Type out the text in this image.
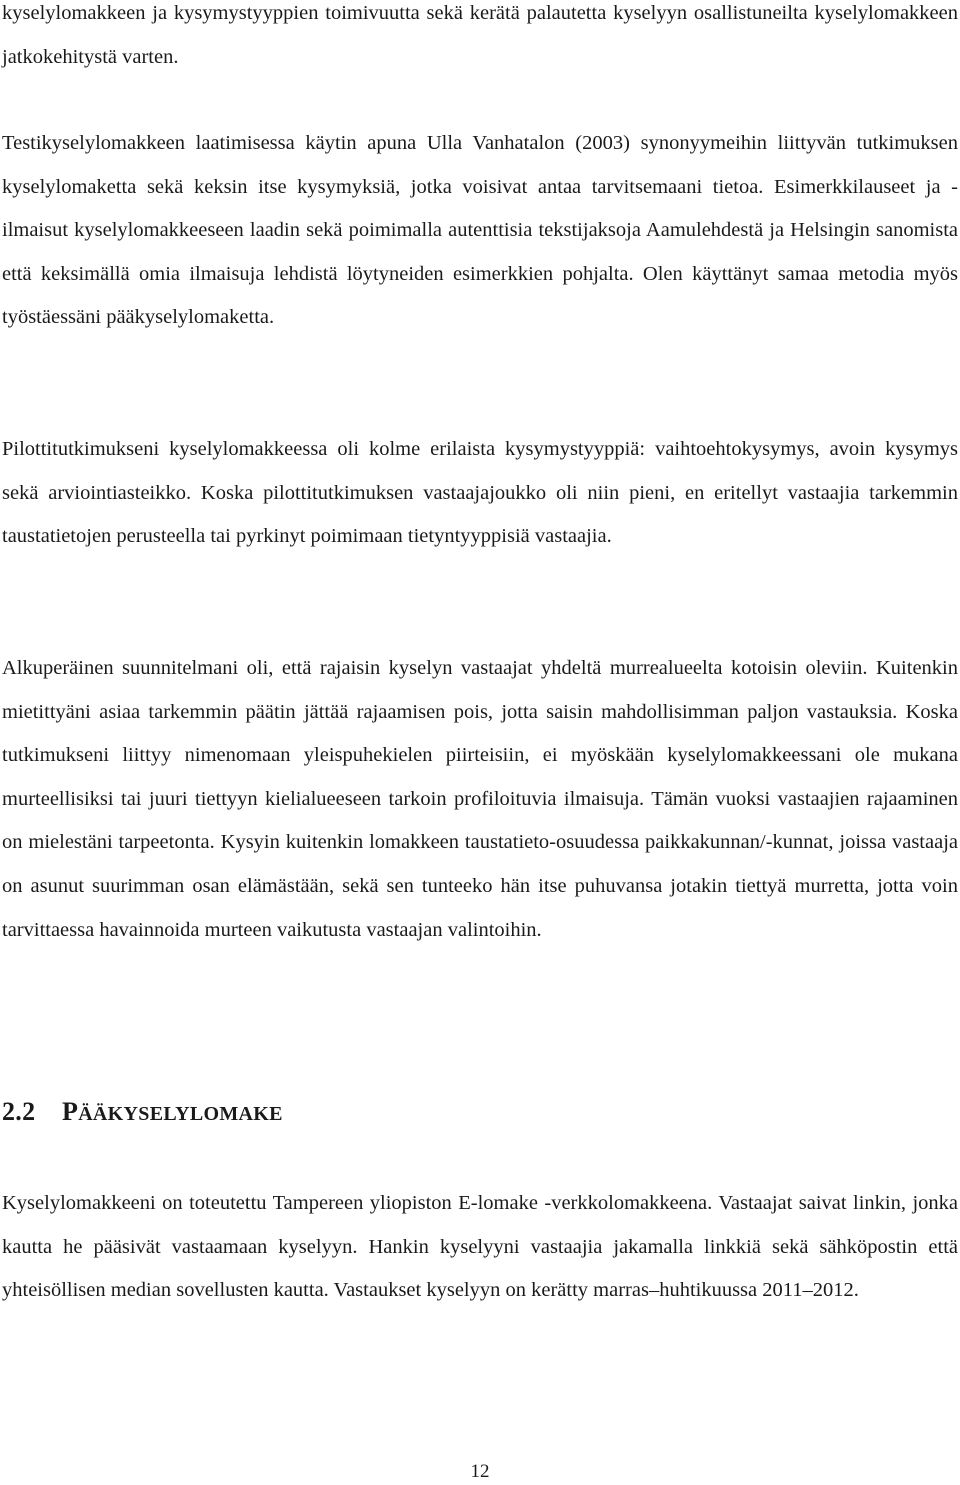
kyselylomakkeen ja kysymystyyppien toimivuutta sekä kerätä palautetta kyselyyn osallistuneilta kyselylomakkeen jatkokehitystä varten.

Testikyselylomakkeen laatimisessa käytin apuna Ulla Vanhatalon (2003) synonyymeihin liittyvän tutkimuksen kyselylomaketta sekä keksin itse kysymyksiä, jotka voisivat antaa tarvitsemaani tietoa. Esimerkkilauseet ja -ilmaisut kyselylomakkeeseen laadin sekä poimimalla autenttisia tekstijaksoja Aamulehdestä ja Helsingin sanomista että keksimällä omia ilmaisuja lehdistä löytyneiden esimerkkien pohjalta. Olen käyttänyt samaa metodia myös työstäessäni pääkyselylomaketta.

Pilottitutkimukseni kyselylomakkeessa oli kolme erilaista kysymystyyppiä: vaihtoehtokysymys, avoin kysymys sekä arviointiasteikko. Koska pilottitutkimuksen vastaajajoukko oli niin pieni, en eritellyt vastaajia tarkemmin taustatietojen perusteella tai pyrkinyt poimimaan tietyntyyppisiä vastaajia.

Alkuperäinen suunnitelmani oli, että rajaisin kyselyn vastaajat yhdeltä murrealueelta kotoisin oleviin. Kuitenkin mietittyäni asiaa tarkemmin päätin jättää rajaamisen pois, jotta saisin mahdollisimman paljon vastauksia. Koska tutkimukseni liittyy nimenomaan yleispuhekielen piirteisiin, ei myöskään kyselylomakkeessani ole mukana murteellisiksi tai juuri tiettyyn kielialueeseen tarkoin profiloituvia ilmaisuja. Tämän vuoksi vastaajien rajaaminen on mielestäni tarpeetonta. Kysyin kuitenkin lomakkeen taustatieto-osuudessa paikkakunnan/-kunnat, joissa vastaaja on asunut suurimman osan elämästään, sekä sen tunteeko hän itse puhuvansa jotakin tiettyä murretta, jotta voin tarvittaessa havainnoida murteen vaikutusta vastaajan valintoihin.

2.2 PÄÄKYSELYLOMAKE

Kyselylomakkeeni on toteutettu Tampereen yliopiston E-lomake -verkkolomakkeena. Vastaajat saivat linkin, jonka kautta he pääsivät vastaamaan kyselyyn. Hankin kyselyyni vastaajia jakamalla linkkiä sekä sähköpostin että yhteisöllisen median sovellusten kautta. Vastaukset kyselyyn on kerätty marras–huhtikuussa 2011–2012.

12
